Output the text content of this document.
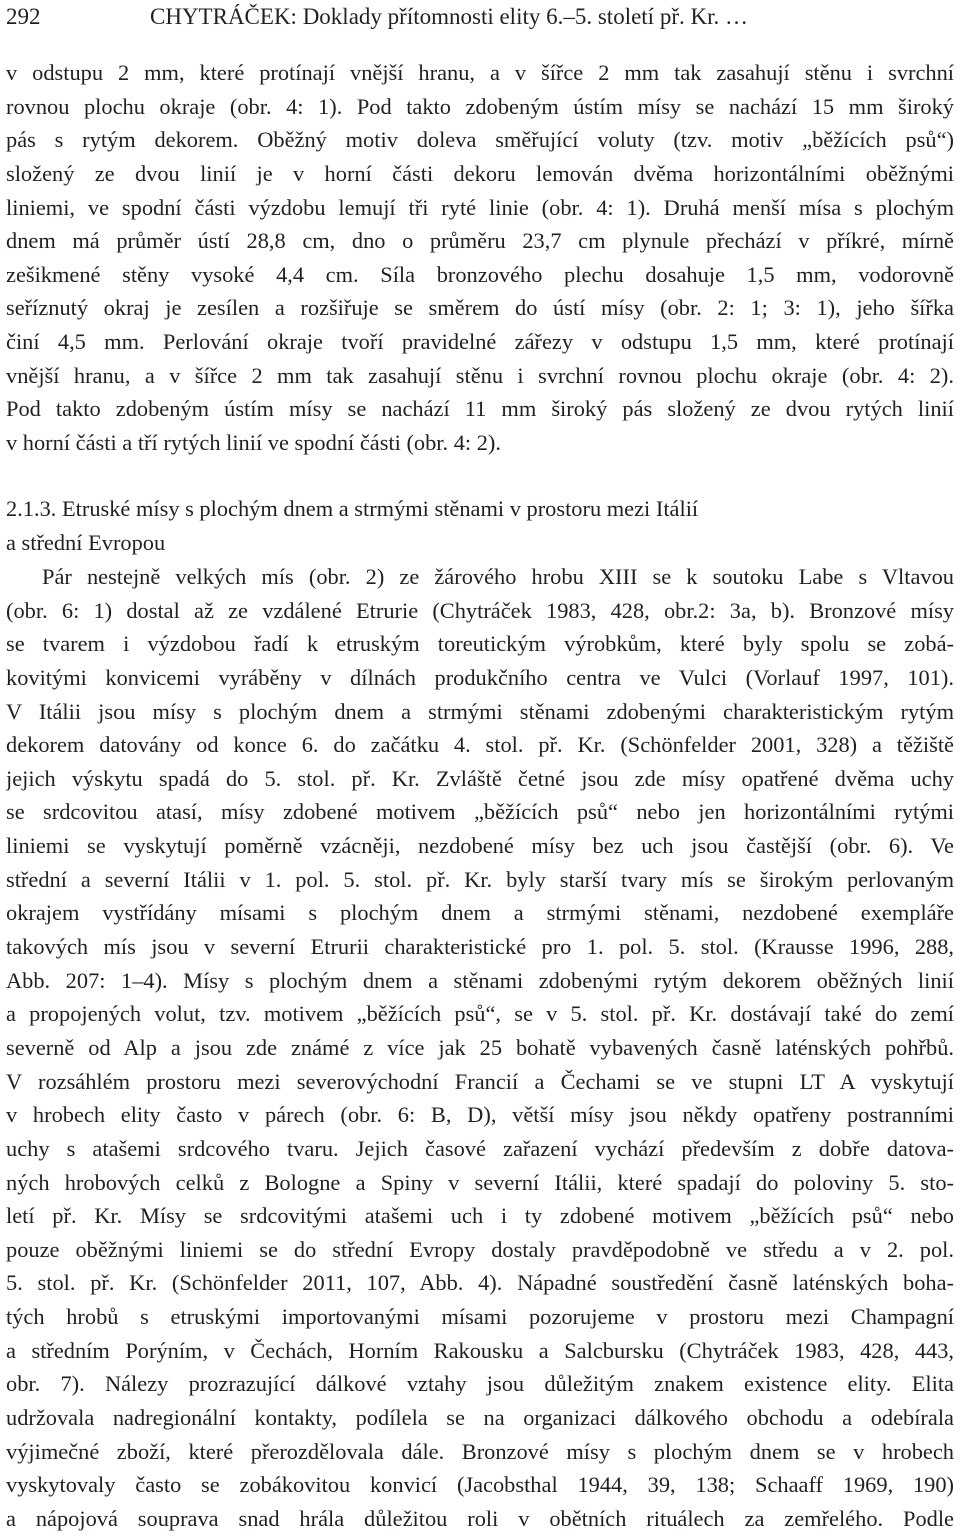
292	CHYTRÁČEK: Doklady přítomnosti elity 6.–5. století př. Kr. …
v odstupu 2 mm, které protínají vnější hranu, a v šířce 2 mm tak zasahují stěnu i svrchní
rovnou plochu okraje (obr. 4: 1). Pod takto zdobeným ústím mísy se nachází 15 mm široký
pás s rytým dekorem. Oběžný motiv doleva směřující voluty (tzv. motiv „běžících psů“)
složený ze dvou linií je v horní části dekoru lemován dvěma horizontálními oběžnými
liniemi, ve spodní části výzdobu lemují tři ryté linie (obr. 4: 1). Druhá menší mísa s plochým
dnem má průměr ústí 28,8 cm, dno o průměru 23,7 cm plynule přechází v příkré, mírně
zešikmené stěny vysoké 4,4 cm. Síla bronzového plechu dosahuje 1,5 mm, vodorovně
seříznutý okraj je zesílen a rozšiřuje se směrem do ústí mísy (obr. 2: 1; 3: 1), jeho šířka
činí 4,5 mm. Perlování okraje tvoří pravidelné zářezy v odstupu 1,5 mm, které protínají
vnější hranu, a v šířce 2 mm tak zasahují stěnu i svrchní rovnou plochu okraje (obr. 4: 2).
Pod takto zdobeným ústím mísy se nachází 11 mm široký pás složený ze dvou rytých linií
v horní části a tří rytých linií ve spodní části (obr. 4: 2).
2.1.3. Etruské mísy s plochým dnem a strmými stěnami v prostoru mezi Itálií
a střední Evropou
Pár nestejně velkých mís (obr. 2) ze žárového hrobu XIII se k soutoku Labe s Vltavou
(obr. 6: 1) dostal až ze vzdálené Etrurie (Chytráček 1983, 428, obr.2: 3a, b). Bronzové mísy
se tvarem i výzdobou řadí k etruským toreutickým výrobkům, které byly spolu se zobá-
kovitými konvicemi vyráběny v dílnách produkčního centra ve Vulci (Vorlauf 1997, 101).
V Itálii jsou mísy s plochým dnem a strmými stěnami zdobenými charakteristickým rytým
dekorem datovány od konce 6. do začátku 4. stol. př. Kr. (Schönfelder 2001, 328) a těžiště
jejich výskytu spadá do 5. stol. př. Kr. Zvláště četné jsou zde mísy opatřené dvěma uchy
se srdcovitou atasí, mísy zdobené motivem „běžících psů“ nebo jen horizontálními rytými
liniemi se vyskytují poměrně vzácněji, nezdobené mísy bez uch jsou častější (obr. 6). Ve
střední a severní Itálii v 1. pol. 5. stol. př. Kr. byly starší tvary mís se širokým perlovaným
okrajem vystřídány mísami s plochým dnem a strmými stěnami, nezdobené exempláře
takových mís jsou v severní Etrurii charakteristické pro 1. pol. 5. stol. (Krausse 1996, 288,
Abb. 207: 1–4). Mísy s plochým dnem a stěnami zdobenými rytým dekorem oběžných linií
a propojených volut, tzv. motivem „běžících psů“, se v 5. stol. př. Kr. dostávají také do zemí
severně od Alp a jsou zde známé z více jak 25 bohatě vybavených časně laténských pohřbů.
V rozsáhlém prostoru mezi severovýchodní Francií a Čechami se ve stupni LT A vyskytují
v hrobech elity často v párech (obr. 6: B, D), větší mísy jsou někdy opatřeny postranními
uchy s atašemi srdcového tvaru. Jejich časové zařazení vychází především z dobře datova-
ných hrobových celků z Bologne a Spiny v severní Itálii, které spadají do poloviny 5. sto-
letí př. Kr. Mísy se srdcovitými atašemi uch i ty zdobené motivem „běžících psů“ nebo
pouze oběžnými liniemi se do střední Evropy dostaly pravděpodobně ve středu a v 2. pol.
5. stol. př. Kr. (Schönfelder 2011, 107, Abb. 4). Nápadné soustředění časně laténských boha-
tých hrobů s etruskými importovanými mísami pozorujeme v prostoru mezi Champagní
a středním Porýním, v Čechách, Horním Rakousku a Salcbursku (Chytráček 1983, 428, 443,
obr. 7). Nálezy prozrazující dálkové vztahy jsou důležitým znakem existence elity. Elita
udržovala nadregionální kontakty, podílela se na organizaci dálkového obchodu a odebírala
výjimečné zboží, které přerozdělovala dále. Bronzové mísy s plochým dnem se v hrobech
vyskytovaly často se zobákovitou konvicí (Jacobsthal 1944, 39, 138; Schaaff 1969, 190)
a nápojová souprava snad hrála důležitou roli v obětních rituálech za zemřelého. Podle
